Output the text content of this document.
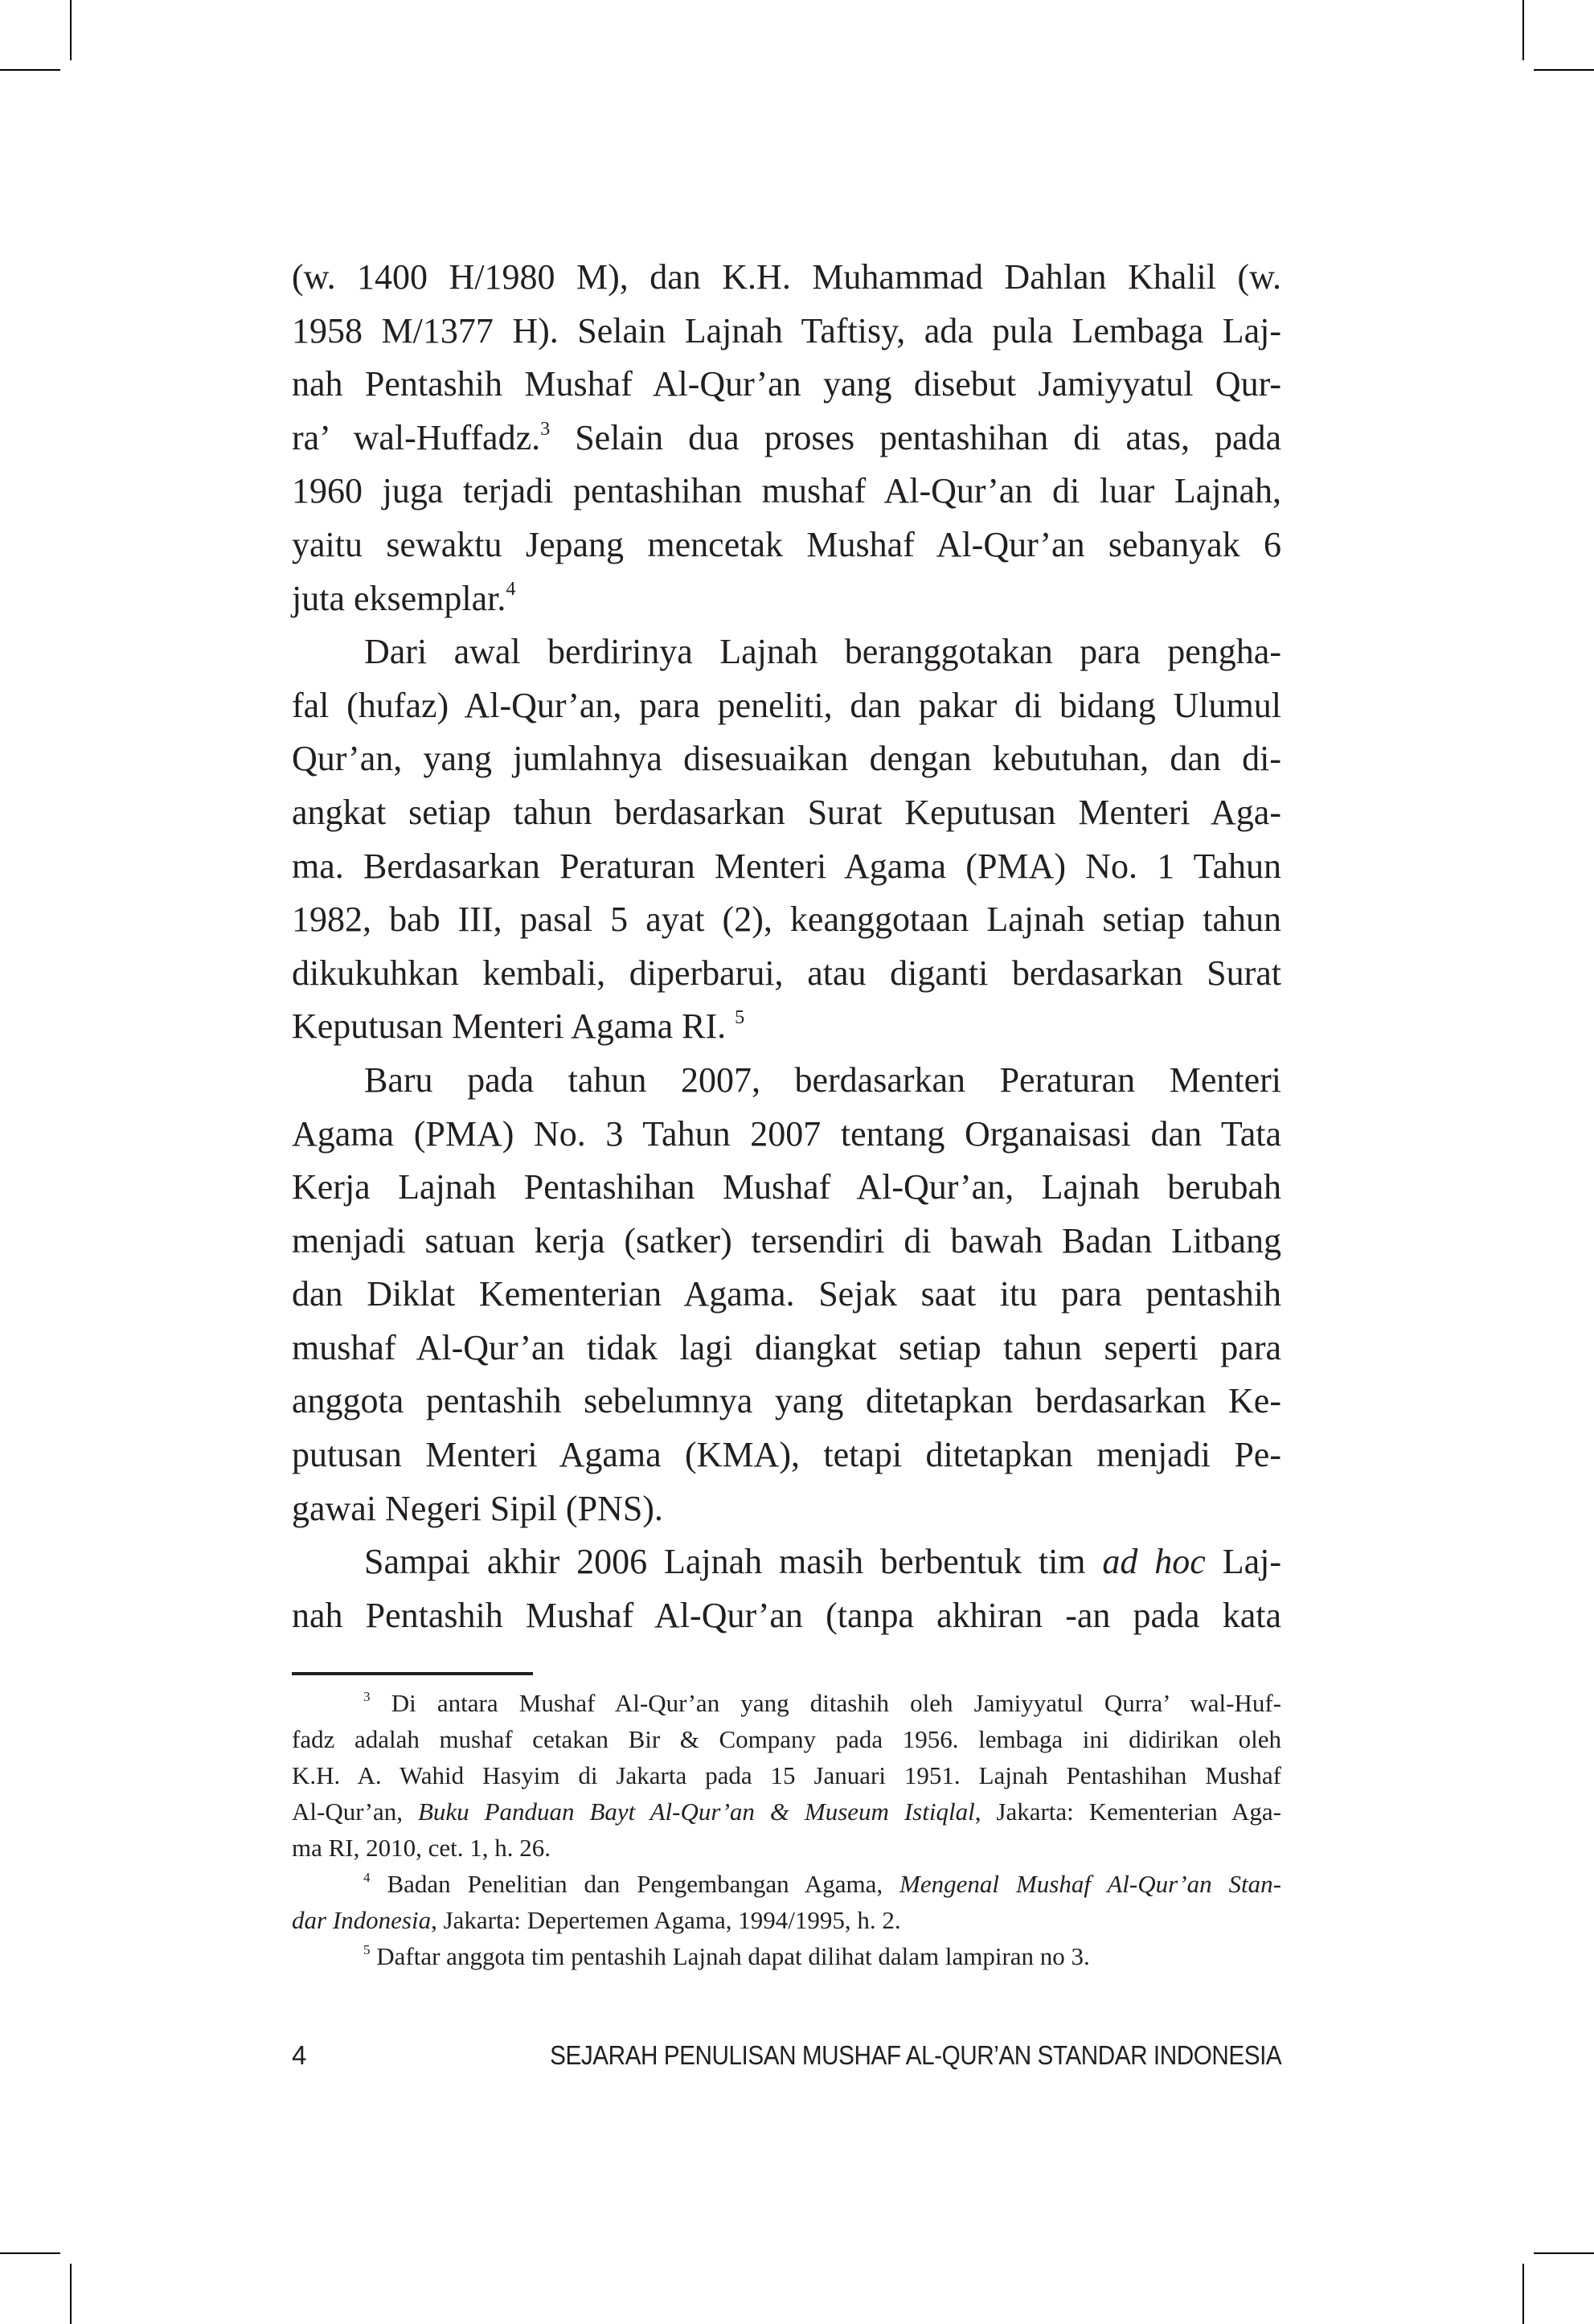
(w. 1400 H/1980 M), dan K.H. Muhammad Dahlan Khalil (w.
1958 M/1377 H). Selain Lajnah Taftisy, ada pula Lembaga Laj-
nah Pentashih Mushaf Al-Qur’an yang disebut Jamiyyatul Qur-
ra’ wal-Huffadz.$^3$ Selain dua proses pentashihan di atas, pada
1960 juga terjadi pentashihan mushaf Al-Qur’an di luar Lajnah,
yaitu sewaktu Jepang mencetak Mushaf Al-Qur’an sebanyak 6
juta eksemplar.$^4$
Dari awal berdirinya Lajnah beranggotakan para pengha-
fal (hufaz) Al-Qur’an, para peneliti, dan pakar di bidang Ulumul
Qur’an, yang jumlahnya disesuaikan dengan kebutuhan, dan di-
angkat setiap tahun berdasarkan Surat Keputusan Menteri Aga-
ma. Berdasarkan Peraturan Menteri Agama (PMA) No. 1 Tahun
1982, bab III, pasal 5 ayat (2), keanggotaan Lajnah setiap tahun
dikukuhkan kembali, diperbarui, atau diganti berdasarkan Surat
Keputusan Menteri Agama RI. $^5$
Baru pada tahun 2007, berdasarkan Peraturan Menteri
Agama (PMA) No. 3 Tahun 2007 tentang Organaisasi dan Tata
Kerja Lajnah Pentashihan Mushaf Al-Qur’an, Lajnah berubah
menjadi satuan kerja (satker) tersendiri di bawah Badan Litbang
dan Diklat Kementerian Agama. Sejak saat itu para pentashih
mushaf Al-Qur’an tidak lagi diangkat setiap tahun seperti para
anggota pentashih sebelumnya yang ditetapkan berdasarkan Ke-
putusan Menteri Agama (KMA), tetapi ditetapkan menjadi Pe-
gawai Negeri Sipil (PNS).
Sampai akhir 2006 Lajnah masih berbentuk tim ad hoc Laj-
nah Pentashih Mushaf Al-Qur’an (tanpa akhiran -an pada kata
$^3$ Di antara Mushaf Al-Qur’an yang ditashih oleh Jamiyyatul Qurra’ wal-Huf-
fadz adalah mushaf cetakan Bir & Company pada 1956. lembaga ini didirikan oleh
K.H. A. Wahid Hasyim di Jakarta pada 15 Januari 1951. Lajnah Pentashihan Mushaf
Al-Qur’an, Buku Panduan Bayt Al-Qur’an & Museum Istiqlal, Jakarta: Kementerian Aga-
ma RI, 2010, cet. 1, h. 26.
$^4$ Badan Penelitian dan Pengembangan Agama, Mengenal Mushaf Al-Qur’an Stan-
dar Indonesia, Jakarta: Depertemen Agama, 1994/1995, h. 2.
$^5$ Daftar anggota tim pentashih Lajnah dapat dilihat dalam lampiran no 3.
4	SEJARAH PENULISAN MUSHAF AL-QUR’AN STANDAR INDONESIA
